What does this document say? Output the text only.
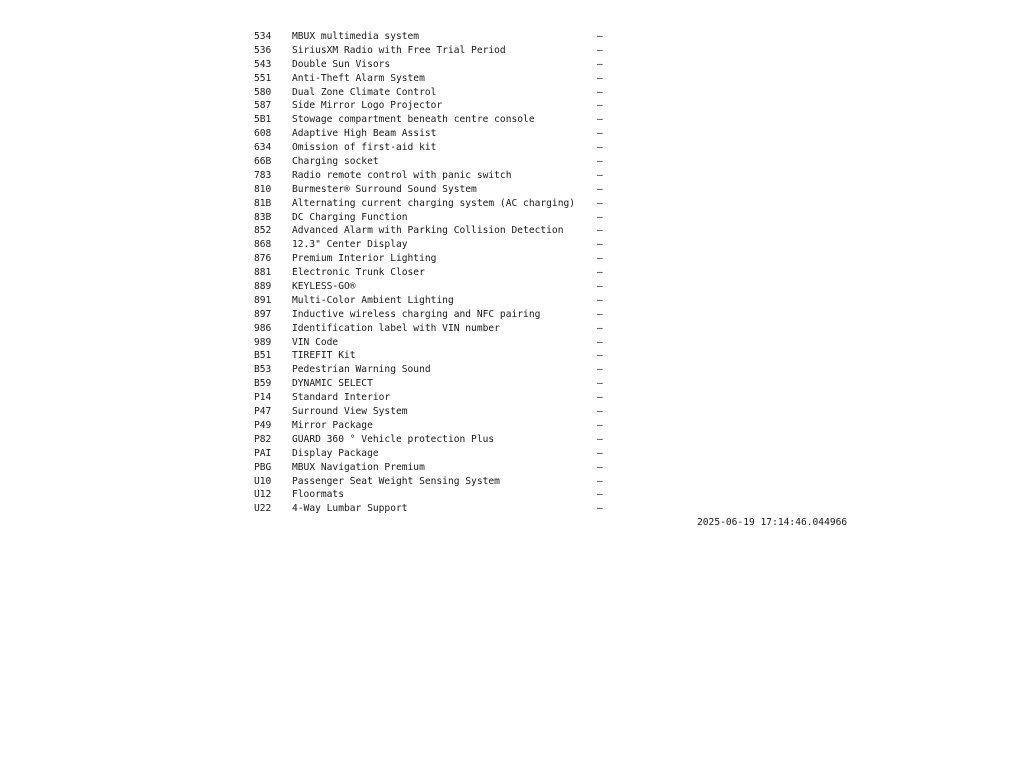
534 MBUX multimedia system	—
536 SiriusXM Radio with Free Trial Period	—
543 Double Sun Visors	—
551 Anti-Theft Alarm System	—
580 Dual Zone Climate Control	—
587 Side Mirror Logo Projector	—
5B1 Stowage compartment beneath centre console	—
608 Adaptive High Beam Assist	—
634 Omission of first-aid kit	—
66B Charging socket	—
783 Radio remote control with panic switch	—
810 Burmester® Surround Sound System	—
81B Alternating current charging system (AC charging) —
83B DC Charging Function	—
852 Advanced Alarm with Parking Collision Detection	—
868 12.3" Center Display	—
876 Premium Interior Lighting	—
881 Electronic Trunk Closer	—
889 KEYLESS-GO®	—
891 Multi-Color Ambient Lighting	—
897 Inductive wireless charging and NFC pairing	—
986 Identification label with VIN number	—
989 VIN Code	—
B51 TIREFIT Kit	—
B53 Pedestrian Warning Sound	—
B59 DYNAMIC SELECT	—
P14 Standard Interior	—
P47 Surround View System	—
P49 Mirror Package	—
P82 GUARD 360 ° Vehicle protection Plus	—
PAI Display Package	—
PBG MBUX Navigation Premium	—
U10 Passenger Seat Weight Sensing System	—
U12 Floormats	—
U22 4-Way Lumbar Support	—
2025-06-19 17:14:46.044966
